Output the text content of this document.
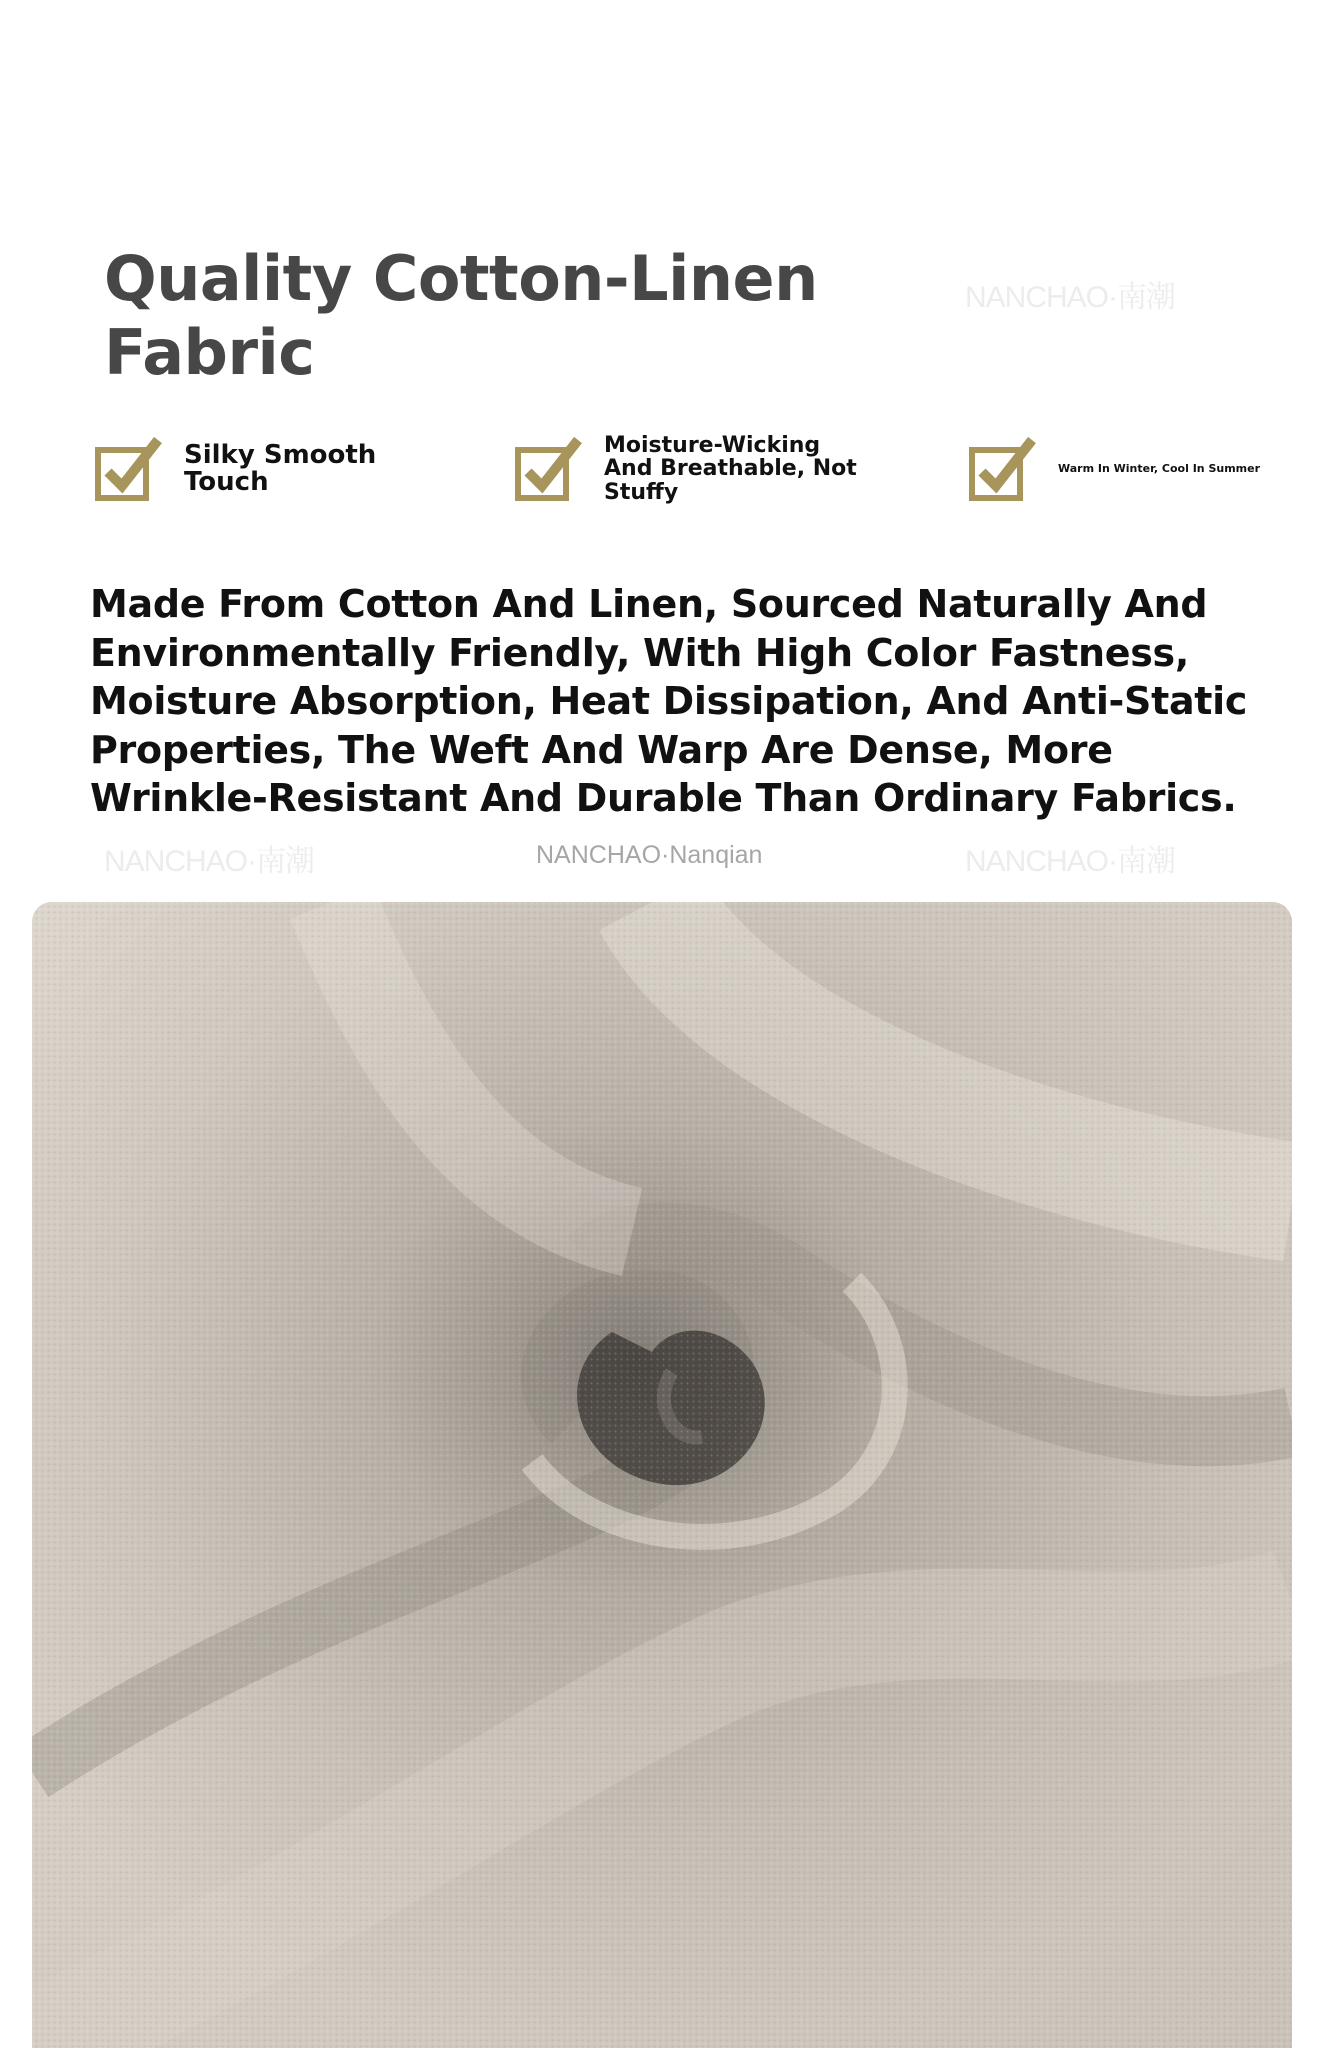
Quality Cotton-Linen
Fabric
NANCHAO·南潮
NANCHAO·南潮	NANCHAO·Nanqian	NANCHAO·南潮
Silky Smooth Touch
Moisture-Wicking And Breathable, Not Stuffy
Warm In Winter, Cool In Summer

Made From Cotton And Linen, Sourced Naturally And
Environmentally Friendly, With High Color Fastness,
Moisture Absorption, Heat Dissipation, And Anti-Static
Properties, The Weft And Warp Are Dense, More
Wrinkle-Resistant And Durable Than Ordinary Fabrics.
